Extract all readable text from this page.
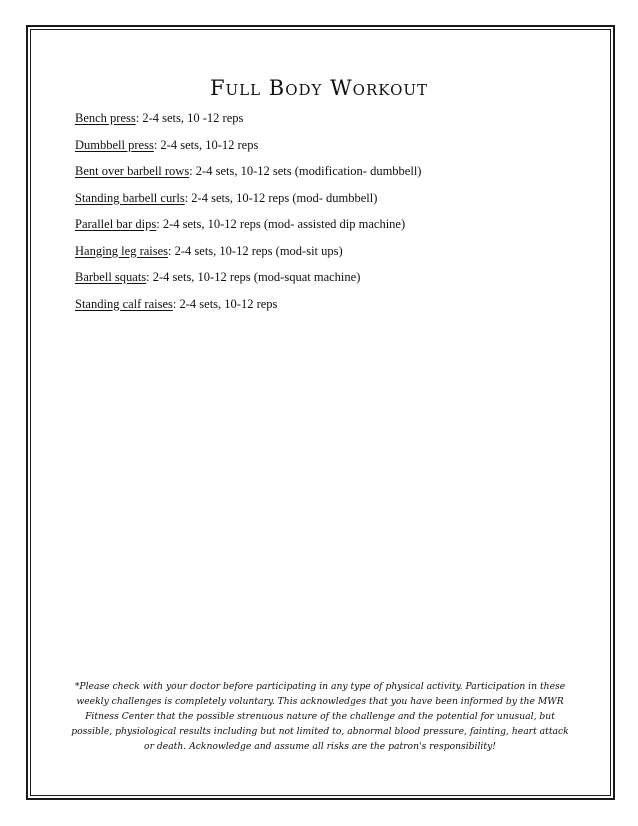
Full Body Workout
Bench press: 2-4 sets, 10 -12 reps
Dumbbell press: 2-4 sets, 10-12 reps
Bent over barbell rows: 2-4 sets, 10-12 sets (modification- dumbbell)
Standing barbell curls: 2-4 sets, 10-12 reps (mod- dumbbell)
Parallel bar dips: 2-4 sets, 10-12 reps (mod- assisted dip machine)
Hanging leg raises: 2-4 sets, 10-12 reps (mod-sit ups)
Barbell squats: 2-4 sets, 10-12 reps (mod-squat machine)
Standing calf raises: 2-4 sets, 10-12 reps

*Please check with your doctor before participating in any type of physical activity. Participation in these weekly challenges is completely voluntary. This acknowledges that you have been informed by the MWR Fitness Center that the possible strenuous nature of the challenge and the potential for unusual, but possible, physiological results including but not limited to, abnormal blood pressure, fainting, heart attack or death. Acknowledge and assume all risks are the patron's responsibility!
